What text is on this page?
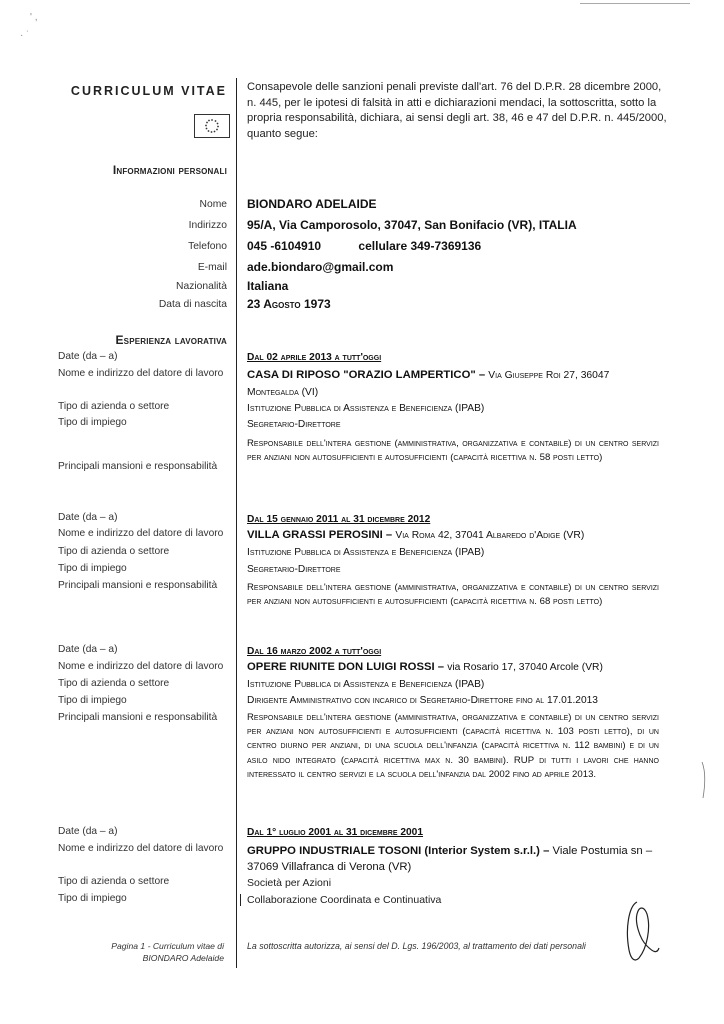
' ,
· ˙
CURRICULUM VITAE Consapevole delle sanzioni penali previste dall'art. 76 del D.P.R. 28 dicembre 2000, n. 445, per le ipotesi di falsità in atti e dichiarazioni mendaci, la sottoscritta, sotto la propria responsabilità, dichiara, ai sensi degli art. 38, 46 e 47 del D.P.R. n. 445/2000, quanto segue:
Informazioni personali
Nome
Indirizzo
Telefono
E-mail
Nazionalità
Data di nascita
BIONDARO ADELAIDE
95/A, Via Camporosolo, 37047, San Bonifacio (VR), ITALIA
045 -6104910	cellulare 349-7369136
ade.biondaro@gmail.com
Italiana
23 Agosto 1973
Esperienza lavorativa
Date (da – a)
Nome e indirizzo del datore di lavoro
Tipo di azienda o settore
Tipo di impiego
Principali mansioni e responsabilità
Dal 02 aprile 2013 a tutt'oggi
CASA DI RIPOSO "ORAZIO LAMPERTICO" – Via Giuseppe Roi 27, 36047 Montegalda (VI)
Istituzione Pubblica di Assistenza e Beneficienza (IPAB)
Segretario-Direttore
Responsabile dell'intera gestione (amministrativa, organizzativa e contabile) di un centro servizi per anziani non autosufficienti e autosufficienti (capacità ricettiva n. 58 posti letto)
Date (da – a)
Nome e indirizzo del datore di lavoro
Tipo di azienda o settore
Tipo di impiego
Principali mansioni e responsabilità
Dal 15 gennaio 2011 al 31 dicembre 2012
VILLA GRASSI PEROSINI – Via Roma 42, 37041 Albaredo d'Adige (VR)
Istituzione Pubblica di Assistenza e Beneficienza (IPAB)
Segretario-Direttore
Responsabile dell'intera gestione (amministrativa, organizzativa e contabile) di un centro servizi per anziani non autosufficienti e autosufficienti (capacità ricettiva n. 68 posti letto)
Date (da – a)
Nome e indirizzo del datore di lavoro
Tipo di azienda o settore
Tipo di impiego
Principali mansioni e responsabilità
Dal 16 marzo 2002 a tutt'oggi
OPERE RIUNITE DON LUIGI ROSSI – via Rosario 17, 37040 Arcole (VR)
Istituzione Pubblica di Assistenza e Beneficienza (IPAB)
Dirigente Amministrativo con incarico di Segretario-Direttore fino al 17.01.2013
Responsabile dell'intera gestione (amministrativa, organizzativa e contabile) di un centro servizi per anziani non autosufficienti e autosufficienti (capacità ricettiva n. 103 posti letto), di un centro diurno per anziani, di una scuola dell'infanzia (capacità ricettiva n. 112 bambini) e di un asilo nido integrato (capacità ricettiva max n. 30 bambini). RUP di tutti i lavori che hanno interessato il centro servizi e la scuola dell'infanzia dal 2002 fino ad aprile 2013.
Date (da – a)
Nome e indirizzo del datore di lavoro
Tipo di azienda o settore
Tipo di impiego
Dal 1° luglio 2001 al 31 dicembre 2001
GRUPPO INDUSTRIALE TOSONI (Interior System s.r.l.) – Viale Postumia sn – 37069 Villafranca di Verona (VR)
Società per Azioni
Collaborazione Coordinata e Continuativa
Pagina 1 - Curriculum vitae di
BIONDARO Adelaide
La sottoscritta autorizza, ai sensi del D. Lgs. 196/2003, al trattamento dei dati personali
